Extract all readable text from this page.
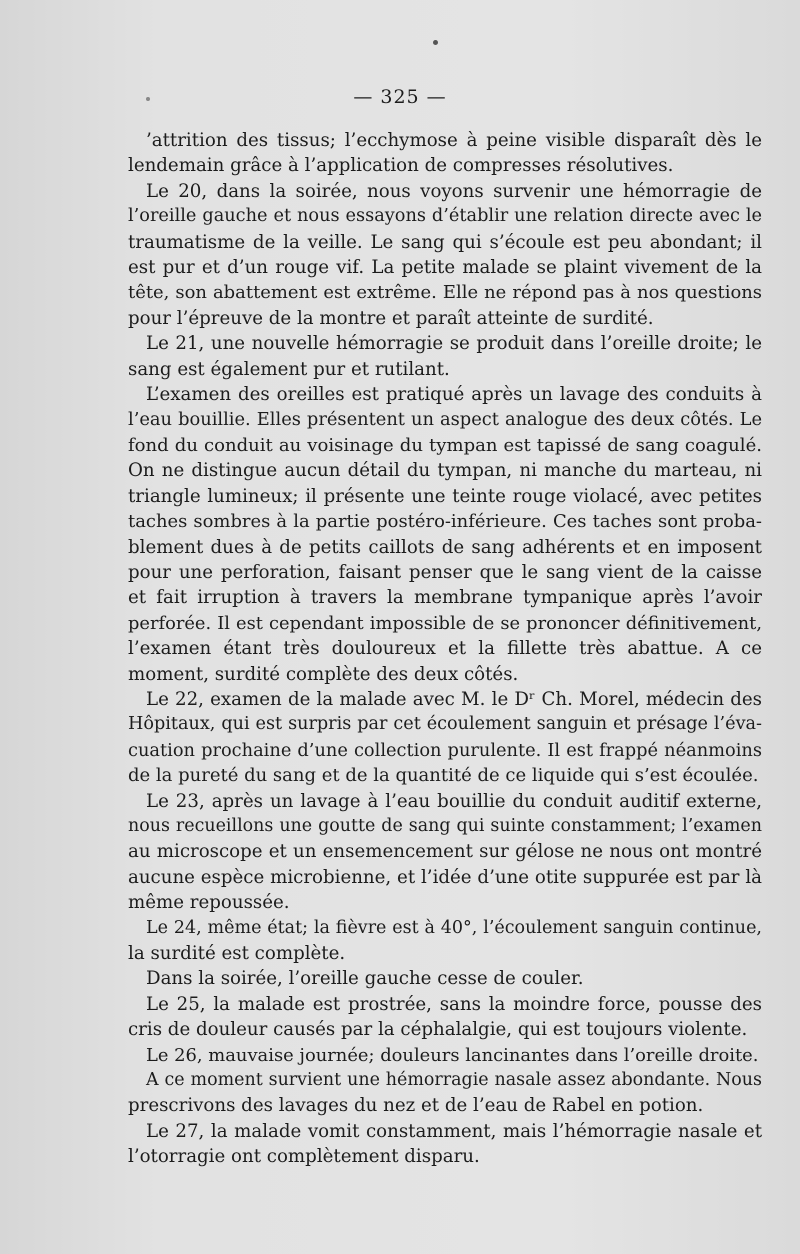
— 325 —
’attrition des tissus; l’ecchymose à peine visible disparaît dès le
lendemain grâce à l’application de compresses résolutives.
Le 20, dans la soirée, nous voyons survenir une hémorragie de
l’oreille gauche et nous essayons d’établir une relation directe avec le
traumatisme de la veille. Le sang qui s’écoule est peu abondant; il
est pur et d’un rouge vif. La petite malade se plaint vivement de la
tête, son abattement est extrême. Elle ne répond pas à nos questions
pour l’épreuve de la montre et paraît atteinte de surdité.
Le 21, une nouvelle hémorragie se produit dans l’oreille droite; le
sang est également pur et rutilant.
L’examen des oreilles est pratiqué après un lavage des conduits à
l’eau bouillie. Elles présentent un aspect analogue des deux côtés. Le
fond du conduit au voisinage du tympan est tapissé de sang coagulé.
On ne distingue aucun détail du tympan, ni manche du marteau, ni
triangle lumineux; il présente une teinte rouge violacé, avec petites
taches sombres à la partie postéro-inférieure. Ces taches sont proba-
blement dues à de petits caillots de sang adhérents et en imposent
pour une perforation, faisant penser que le sang vient de la caisse
et fait irruption à travers la membrane tympanique après l’avoir
perforée. Il est cependant impossible de se prononcer définitivement,
l’examen étant très douloureux et la fillette très abattue. A ce
moment, surdité complète des deux côtés.
Le 22, examen de la malade avec M. le Dʳ Ch. Morel, médecin des
Hôpitaux, qui est surpris par cet écoulement sanguin et présage l’éva-
cuation prochaine d’une collection purulente. Il est frappé néanmoins
de la pureté du sang et de la quantité de ce liquide qui s’est écoulée.
Le 23, après un lavage à l’eau bouillie du conduit auditif externe,
nous recueillons une goutte de sang qui suinte constamment; l’examen
au microscope et un ensemencement sur gélose ne nous ont montré
aucune espèce microbienne, et l’idée d’une otite suppurée est par là
même repoussée.
Le 24, même état; la fièvre est à 40°, l’écoulement sanguin continue,
la surdité est complète.
Dans la soirée, l’oreille gauche cesse de couler.
Le 25, la malade est prostrée, sans la moindre force, pousse des
cris de douleur causés par la céphalalgie, qui est toujours violente.
Le 26, mauvaise journée; douleurs lancinantes dans l’oreille droite.
A ce moment survient une hémorragie nasale assez abondante. Nous
prescrivons des lavages du nez et de l’eau de Rabel en potion.
Le 27, la malade vomit constamment, mais l’hémorragie nasale et
l’otorragie ont complètement disparu.
